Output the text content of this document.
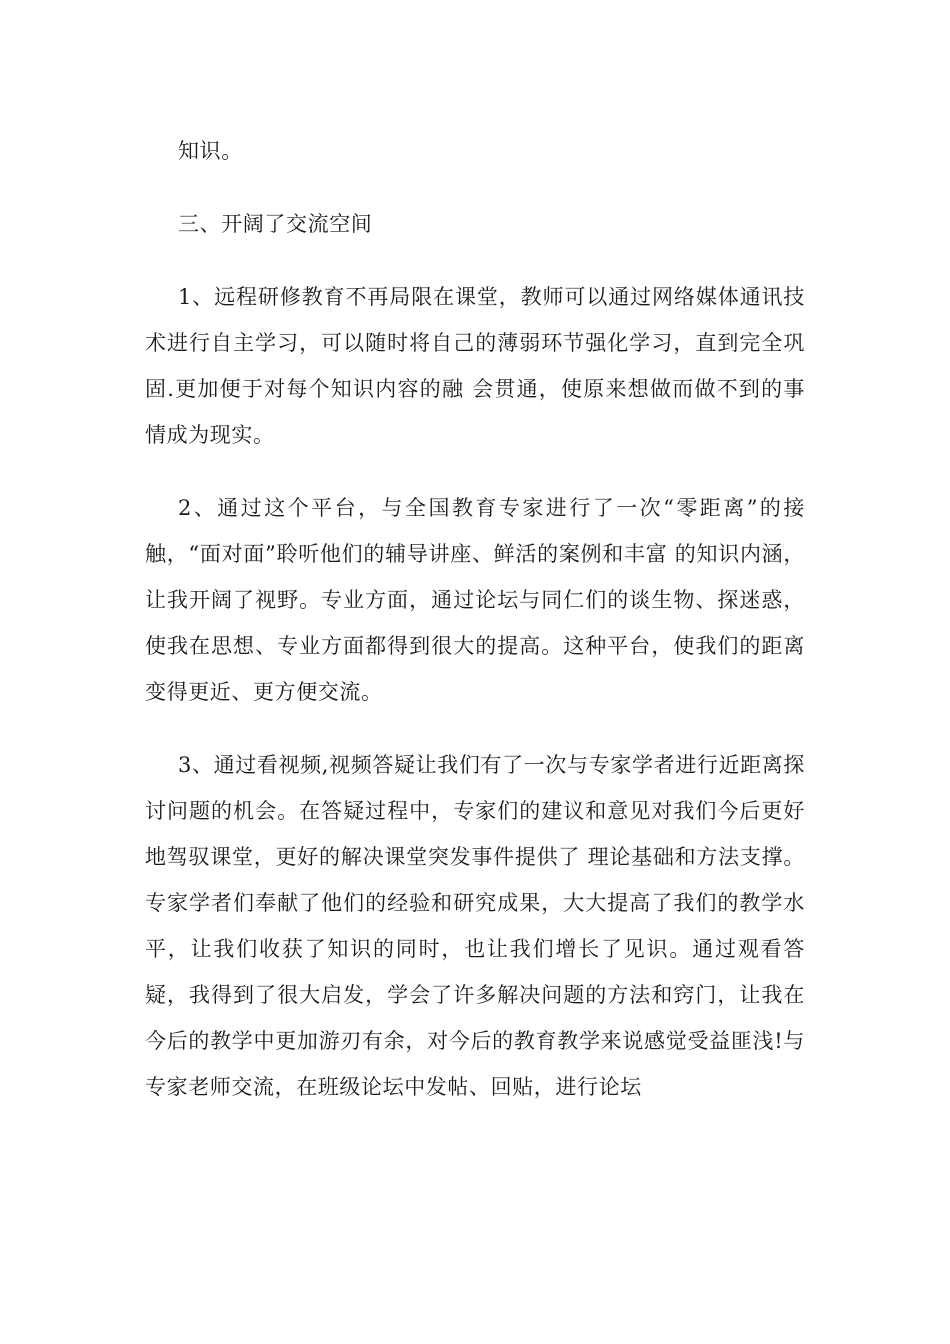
知识。

三、开阔了交流空间

1、远程研修教育不再局限在课堂，教师可以通过网络媒体通讯技术进行自主学习，可以随时将自己的薄弱环节强化学习，直到完全巩固.更加便于对每个知识内容的融 会贯通，使原来想做而做不到的事情成为现实。

2、通过这个平台，与全国教育专家进行了一次“零距离”的接触，“面对面”聆听他们的辅导讲座、鲜活的案例和丰富 的知识内涵，让我开阔了视野。专业方面，通过论坛与同仁们的谈生物、探迷惑，使我在思想、专业方面都得到很大的提高。这种平台，使我们的距离变得更近、更方便交流。

3、通过看视频,视频答疑让我们有了一次与专家学者进行近距离探讨问题的机会。在答疑过程中，专家们的建议和意见对我们今后更好地驾驭课堂，更好的解决课堂突发事件提供了 理论基础和方法支撑。专家学者们奉献了他们的经验和研究成果，大大提高了我们的教学水平，让我们收获了知识的同时，也让我们增长了见识。通过观看答疑，我得到了很大启发，学会了许多解决问题的方法和窍门，让我在今后的教学中更加游刃有余，对今后的教育教学来说感觉受益匪浅!与专家老师交流，在班级论坛中发帖、回贴，进行论坛
